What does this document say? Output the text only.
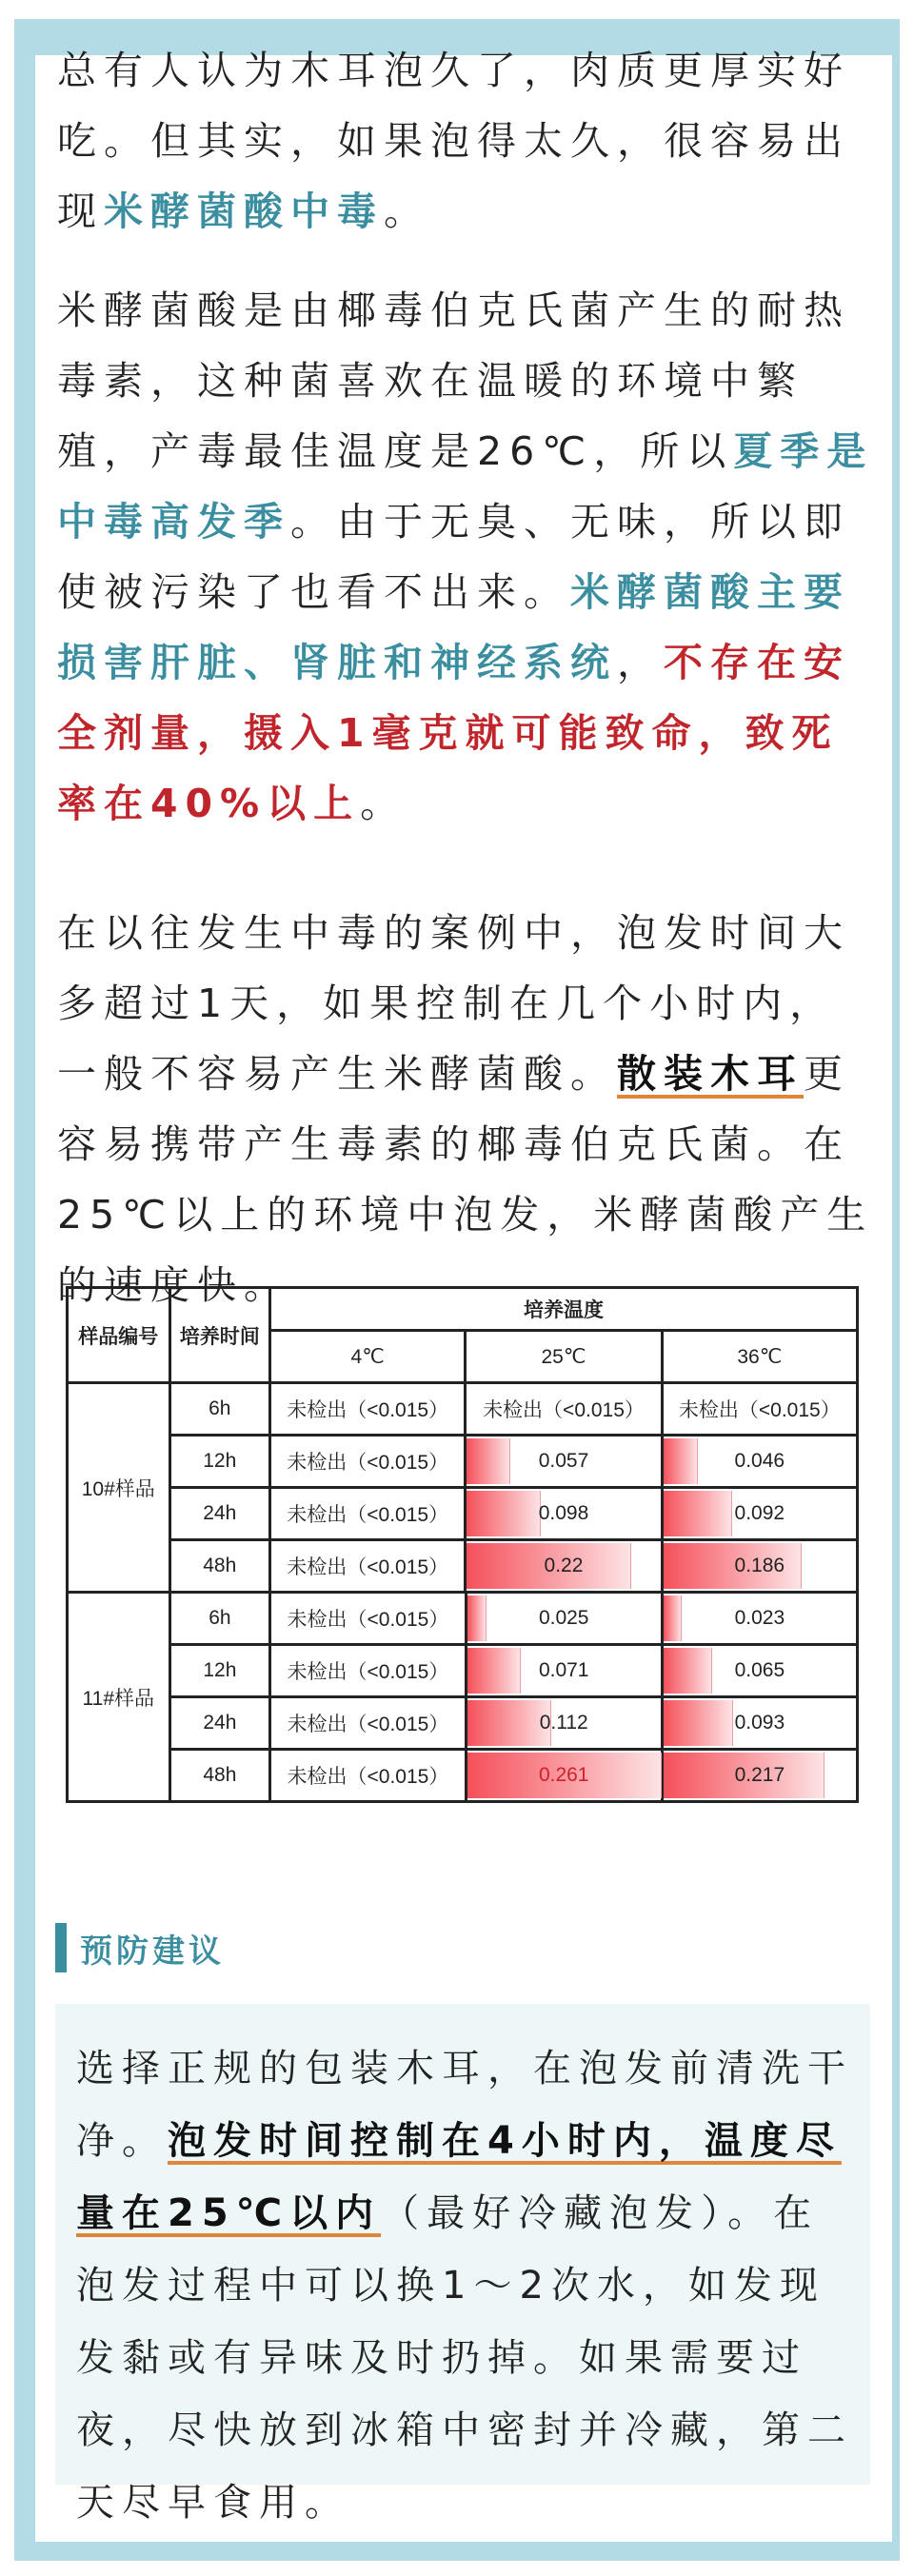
总有人认为木耳泡久了，肉质更厚实好吃。但其实，如果泡得太久，很容易出现米酵菌酸中毒。

米酵菌酸是由椰毒伯克氏菌产生的耐热毒素，这种菌喜欢在温暖的环境中繁殖，产毒最佳温度是26℃，所以夏季是中毒高发季。由于无臭、无味，所以即使被污染了也看不出来。米酵菌酸主要损害肝脏、肾脏和神经系统，不存在安全剂量，摄入1毫克就可能致命，致死率在40%以上。

在以往发生中毒的案例中，泡发时间大多超过1天，如果控制在几个小时内，一般不容易产生米酵菌酸。散装木耳更容易携带产生毒素的椰毒伯克氏菌。在25℃以上的环境中泡发，米酵菌酸产生的速度快。

样品编号	培养时间	培养温度		
		4℃	25℃	36℃
10#样品	6h	未检出（<0.015）	未检出（<0.015）	未检出（<0.015）
	12h	未检出（<0.015）	0.057	0.046
	24h	未检出（<0.015）	0.098	0.092
	48h	未检出（<0.015）	0.22	0.186
11#样品	6h	未检出（<0.015）	0.025	0.023
	12h	未检出（<0.015）	0.071	0.065
	24h	未检出（<0.015）	0.112	0.093
	48h	未检出（<0.015）	0.261	0.217
预防建议

选择正规的包装木耳，在泡发前清洗干净。泡发时间控制在4小时内，温度尽量在25℃以内（最好冷藏泡发）。在泡发过程中可以换1～2次水，如发现发黏或有异味及时扔掉。如果需要过夜，尽快放到冰箱中密封并冷藏，第二天尽早食用。
